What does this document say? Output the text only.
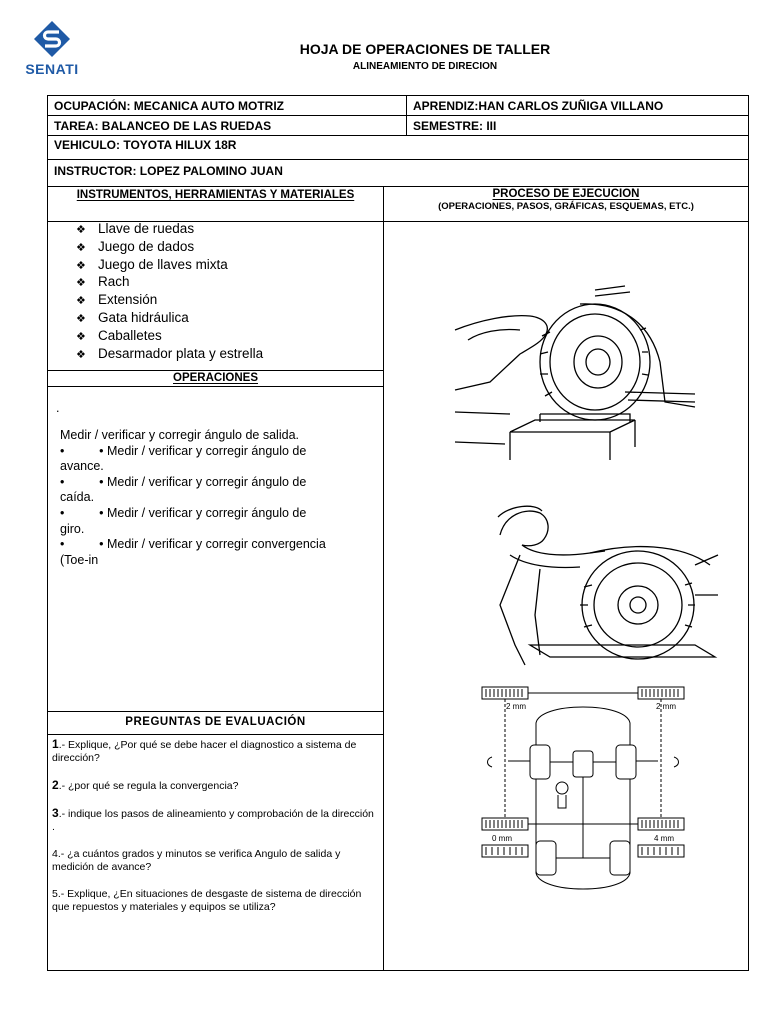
SENATI
HOJA DE OPERACIONES DE TALLER
ALINEAMIENTO DE DIRECION
OCUPACIÓN: MECANICA AUTO MOTRIZ	APRENDIZ:HAN CARLOS ZUÑIGA VILLANO
TAREA: BALANCEO DE LAS RUEDAS	SEMESTRE: III
VEHICULO: TOYOTA HILUX 18R
INSTRUCTOR: LOPEZ PALOMINO JUAN
INSTRUMENTOS, HERRAMIENTAS Y MATERIALES	PROCESO DE EJECUCION
(OPERACIONES, PASOS, GRÁFICAS, ESQUEMAS, ETC.)
❖ Llave de ruedas
❖ Juego de dados
❖ Juego de llaves mixta
❖ Rach
❖ Extensión
❖ Gata hidráulica
❖ Caballetes
❖ Desarmador plata y estrella
OPERACIONES
.

Medir / verificar y corregir ángulo de salida.

•          • Medir / verificar y corregir ángulo de

avance.

•          • Medir / verificar y corregir ángulo de

caída.

•          • Medir / verificar y corregir ángulo de

giro.

•          • Medir / verificar y corregir convergencia

(Toe-in

PREGUNTAS DE EVALUACIÓN

1.- Explique, ¿Por qué se debe hacer el diagnostico a sistema de dirección?

2.- ¿por qué se regula la convergencia?

3.- indique los pasos de alineamiento y comprobación de la dirección .

4.- ¿a cuántos grados y minutos se verifica Angulo de salida y medición de avance?

5.- Explique, ¿En situaciones de desgaste de sistema de dirección que repuestos y materiales y equipos se utiliza?

2 mm	2 mm
0 mm	4 mm
